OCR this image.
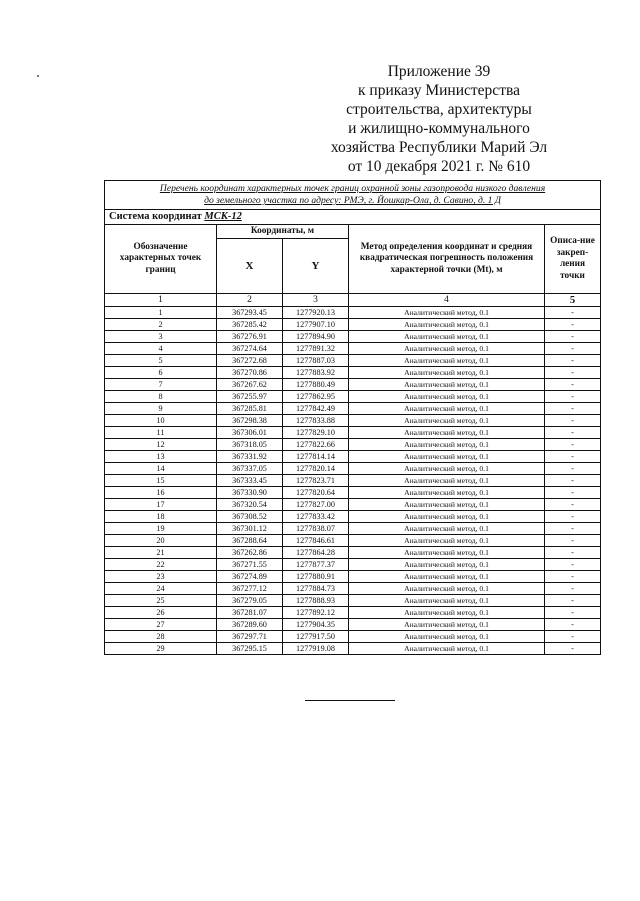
Приложение 39
к приказу Министерства
строительства, архитектуры
и жилищно-коммунального
хозяйства Республики Марий Эл
от 10 декабря 2021 г. № 610
Перечень координат характерных точек границ охранной зоны газопровода низкого давления
до земельного участка по адресу: РМЭ, г. Йошкар-Ола, д. Савино, д. 1 Д				

Система координат МСК-12				
Обозначение характерных точек границ	Координаты, м		Метод определения координат и средняя квадратическая погрешность положения характерной точки (Mt), м	Описа-ние закреп-ления точки
	X	Y		
1	2	3	4	5
1	367293.45	1277920.13	Аналитический метод, 0.1	-
2	367285.42	1277907.10	Аналитический метод, 0.1	-
3	367276.91	1277894.90	Аналитический метод, 0.1	-
4	367274.64	1277891.32	Аналитический метод, 0.1	-
5	367272.68	1277887.03	Аналитический метод, 0.1	-
6	367270.86	1277883.92	Аналитический метод, 0.1	-
7	367267.62	1277880.49	Аналитический метод, 0.1	-
8	367255.97	1277862.95	Аналитический метод, 0.1	-
9	367285.81	1277842.49	Аналитический метод, 0.1	-
10	367298.38	1277833.88	Аналитический метод, 0.1	-
11	367306.01	1277829.10	Аналитический метод, 0.1	-
12	367318.05	1277822.66	Аналитический метод, 0.1	-
13	367331.92	1277814.14	Аналитический метод, 0.1	-
14	367337.05	1277820.14	Аналитический метод, 0.1	-
15	367333.45	1277823.71	Аналитический метод, 0.1	-
16	367330.90	1277820.64	Аналитический метод, 0.1	-
17	367320.54	1277827.00	Аналитический метод, 0.1	-
18	367308.52	1277833.42	Аналитический метод, 0.1	-
19	367301.12	1277838.07	Аналитический метод, 0.1	-
20	367288.64	1277846.61	Аналитический метод, 0.1	-
21	367262.86	1277864.28	Аналитический метод, 0.1	-
22	367271.55	1277877.37	Аналитический метод, 0.1	-
23	367274.89	1277880.91	Аналитический метод, 0.1	-
24	367277.12	1277884.73	Аналитический метод, 0.1	-
25	367279.05	1277888.93	Аналитический метод, 0.1	-
26	367281.07	1277892.12	Аналитический метод, 0.1	-
27	367289.60	1277904.35	Аналитический метод, 0.1	-
28	367297.71	1277917.50	Аналитический метод, 0.1	-
29	367295.15	1277919.08	Аналитический метод, 0.1	-
